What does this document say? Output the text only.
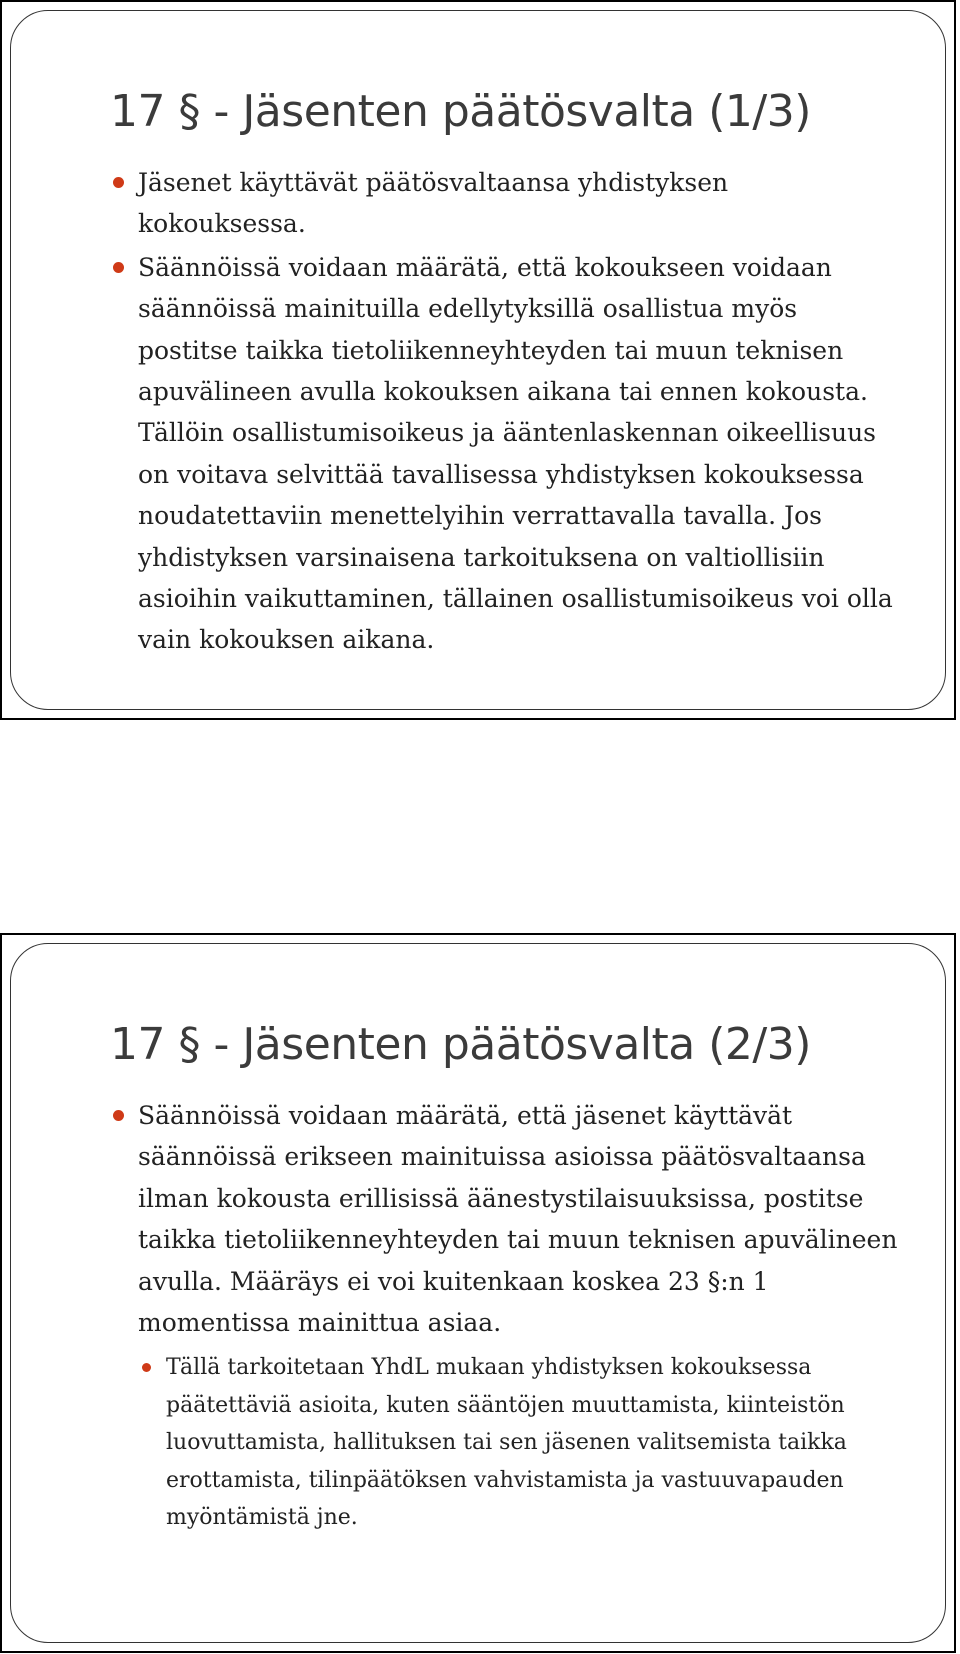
17 § - Jäsenten päätösvalta (1/3)
Jäsenet käyttävät päätösvaltaansa yhdistyksen kokouksessa.
Säännöissä voidaan määrätä, että kokoukseen voidaan säännöissä mainituilla edellytyksillä osallistua myös postitse taikka tietoliikenneyhteyden tai muun teknisen apuvälineen avulla kokouksen aikana tai ennen kokousta. Tällöin osallistumisoikeus ja ääntenlaskennan oikeellisuus on voitava selvittää tavallisessa yhdistyksen kokouksessa noudatettaviin menettelyihin verrattavalla tavalla. Jos yhdistyksen varsinaisena tarkoituksena on valtiollisiin asioihin vaikuttaminen, tällainen osallistumisoikeus voi olla vain kokouksen aikana.
17 § - Jäsenten päätösvalta (2/3)
Säännöissä voidaan määrätä, että jäsenet käyttävät säännöissä erikseen mainituissa asioissa päätösvaltaansa ilman kokousta erillisissä äänestystilaisuuksissa, postitse taikka tietoliikenneyhteyden tai muun teknisen apuvälineen avulla. Määräys ei voi kuitenkaan koskea 23 §:n 1 momentissa mainittua asiaa.
Tällä tarkoitetaan YhdL mukaan yhdistyksen kokouksessa päätettäviä asioita, kuten sääntöjen muuttamista, kiinteistön luovuttamista, hallituksen tai sen jäsenen valitsemista taikka erottamista, tilinpäätöksen vahvistamista ja vastuuvapauden myöntämistä jne.
